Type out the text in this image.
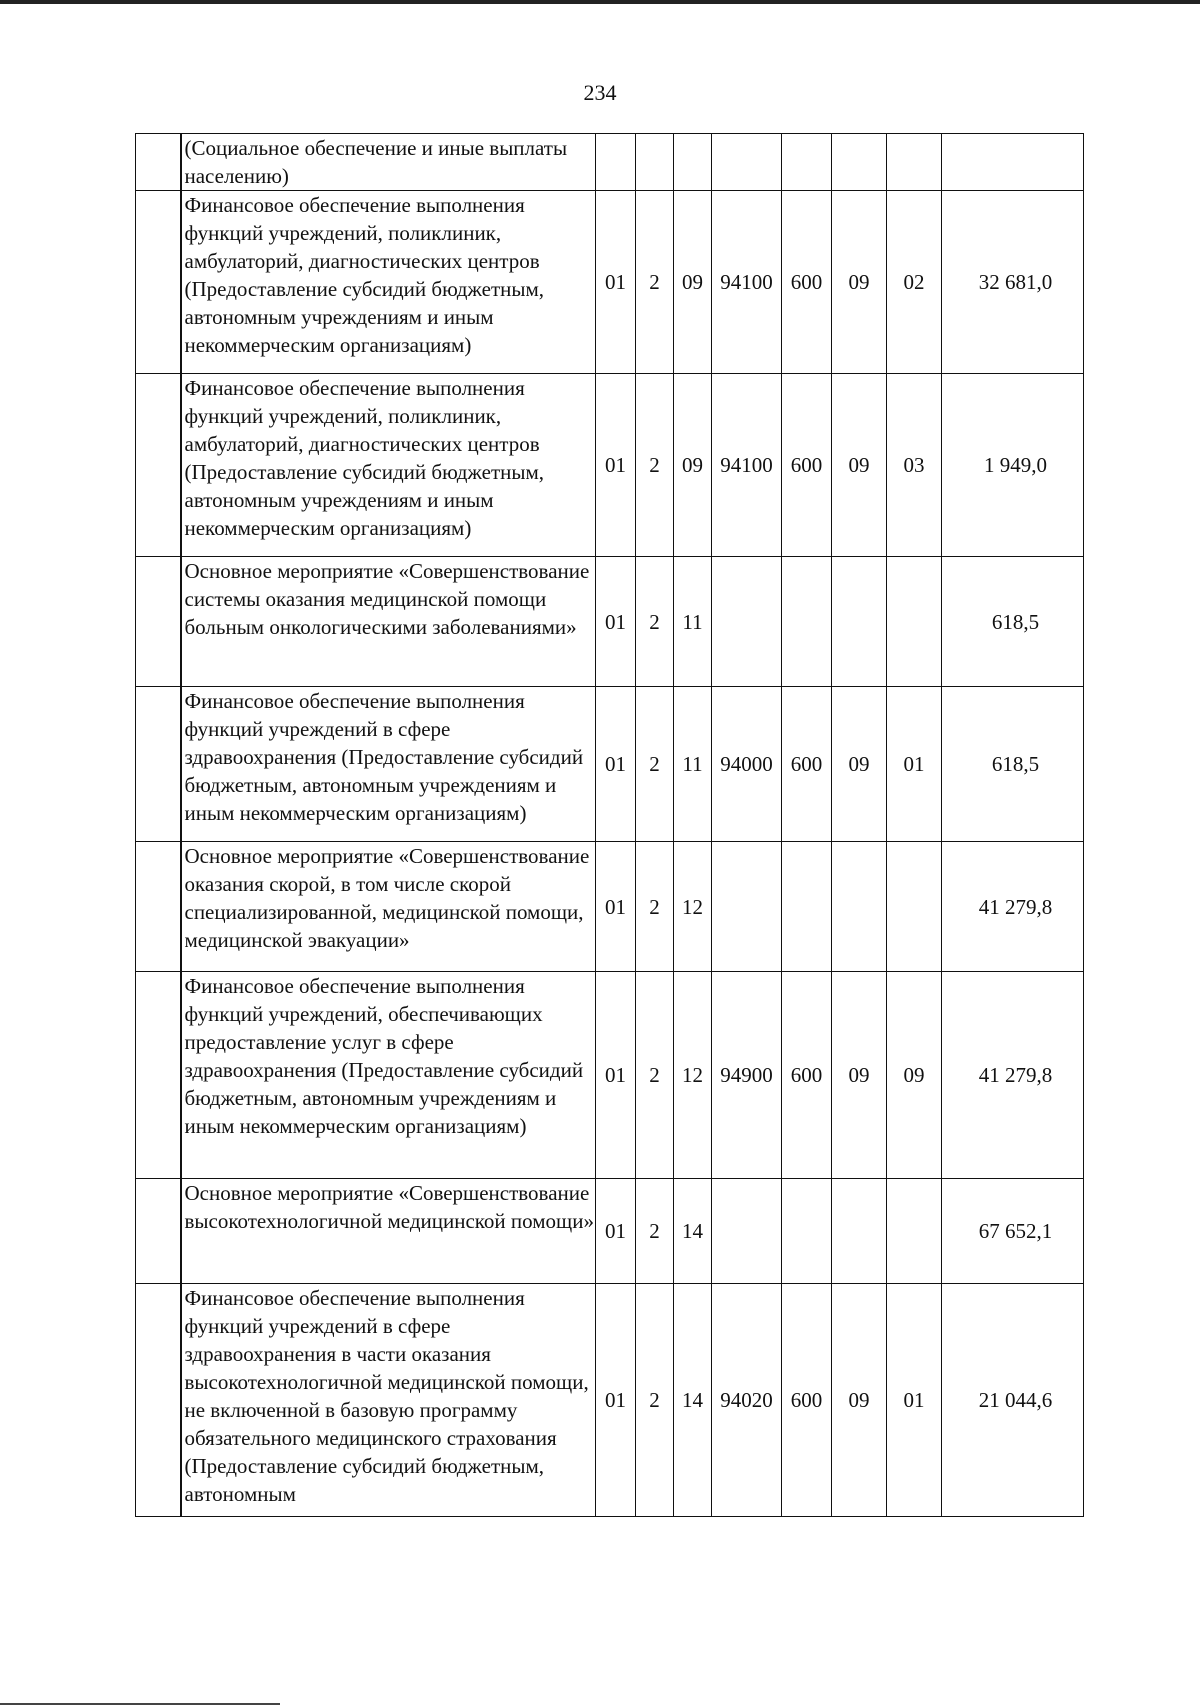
234
	(Социальное обеспечение и иные выплаты населению)								
	Финансовое обеспечение выполнения функций учреждений, поликлиник, амбулаторий, диагностических центров (Предоставление субсидий бюджетным, автономным учреждениям и иным некоммерческим организациям)	01	2	09	94100	600	09	02	32 681,0
	Финансовое обеспечение выполнения функций учреждений, поликлиник, амбулаторий, диагностических центров (Предоставление субсидий бюджетным, автономным учреждениям и иным некоммерческим организациям)	01	2	09	94100	600	09	03	1 949,0
	Основное мероприятие «Совершенствование системы оказания медицинской помощи больным онкологическими заболеваниями»	01	2	11					618,5
	Финансовое обеспечение выполнения функций учреждений в сфере здравоохранения (Предоставление субсидий бюджетным, автономным учреждениям и иным некоммерческим организациям)	01	2	11	94000	600	09	01	618,5
	Основное мероприятие «Совершенствование оказания скорой, в том числе скорой специализированной, медицинской помощи, медицинской эвакуации»	01	2	12					41 279,8
	Финансовое обеспечение выполнения функций учреждений, обеспечивающих предоставление услуг в сфере здравоохранения (Предоставление субсидий бюджетным, автономным учреждениям и иным некоммерческим организациям)	01	2	12	94900	600	09	09	41 279,8
	Основное мероприятие «Совершенствование высокотехнологичной медицинской помощи»	01	2	14					67 652,1
	Финансовое обеспечение выполнения функций учреждений в сфере здравоохранения в части оказания высокотехнологичной медицинской помощи, не включенной в базовую программу обязательного медицинского страхования (Предоставление субсидий бюджетным, автономным	01	2	14	94020	600	09	01	21 044,6
